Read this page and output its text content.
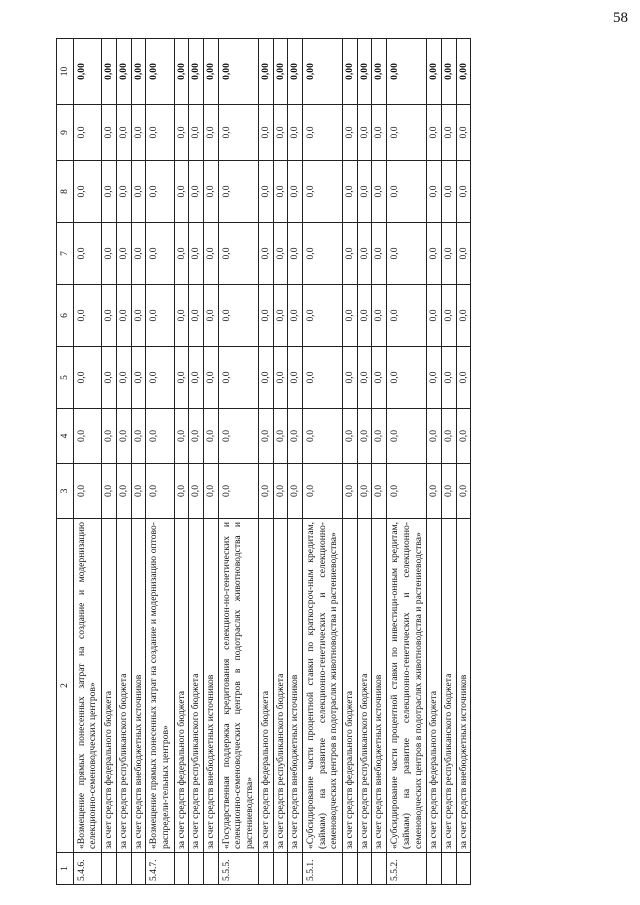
58
1	2	3	4	5	6	7	8	9	10
5.4.6.	«Возмещение прямых понесенных затрат на создание и модернизацию селекционно-семеноводческих центров»	0,0	0,0	0,0	0,0	0,0	0,0	0,0	0,00
	за счет средств федерального бюджета	0,0	0,0	0,0	0,0	0,0	0,0	0,0	0,00
	за счет средств республиканского бюджета	0,0	0,0	0,0	0,0	0,0	0,0	0,0	0,00
	за счет средств внебюджетных источников	0,0	0,0	0,0	0,0	0,0	0,0	0,0	0,00
5.4.7.	«Возмещение прямых понесенных затрат на создание и модернизацию оптово-распредели-тельных центров»	0,0	0,0	0,0	0,0	0,0	0,0	0,0	0,00
	за счет средств федерального бюджета	0,0	0,0	0,0	0,0	0,0	0,0	0,0	0,00
	за счет средств республиканского бюджета	0,0	0,0	0,0	0,0	0,0	0,0	0,0	0,00
	за счет средств внебюджетных источников	0,0	0,0	0,0	0,0	0,0	0,0	0,0	0,00
5.5.5.	«Государственная поддержка кредитования селекцион-но-генетических и селекционно-семеноводческих центров в подотраслях животноводства и растениеводства»	0,0	0,0	0,0	0,0	0,0	0,0	0,0	0,00
	за счет средств федерального бюджета	0,0	0,0	0,0	0,0	0,0	0,0	0,0	0,00
	за счет средств республиканского бюджета	0,0	0,0	0,0	0,0	0,0	0,0	0,0	0,00
	за счет средств внебюджетных источников	0,0	0,0	0,0	0,0	0,0	0,0	0,0	0,00
5.5.1.	«Субсидирование части процентной ставки по краткосроч-ным кредитам, (займам) на развитие селекционно-генетических и селекционно-семеноводческих центров в подотраслях животноводства и растениеводства»	0,0	0,0	0,0	0,0	0,0	0,0	0,0	0,00
	за счет средств федерального бюджета	0,0	0,0	0,0	0,0	0,0	0,0	0,0	0,00
	за счет средств республиканского бюджета	0,0	0,0	0,0	0,0	0,0	0,0	0,0	0,00
	за счет средств внебюджетных источников	0,0	0,0	0,0	0,0	0,0	0,0	0,0	0,00
5.5.2.	«Субсидирование части процентной ставки по инвестици-онным кредитам, (займам) на развитие селекционно-генетических и селекционно-семеноводческих центров в подотраслях животноводства и растениеводства»	0,0	0,0	0,0	0,0	0,0	0,0	0,0	0,00
	за счет средств федерального бюджета	0,0	0,0	0,0	0,0	0,0	0,0	0,0	0,00
	за счет средств республиканского бюджета	0,0	0,0	0,0	0,0	0,0	0,0	0,0	0,00
	за счет средств внебюджетных источников	0,0	0,0	0,0	0,0	0,0	0,0	0,0	0,00
